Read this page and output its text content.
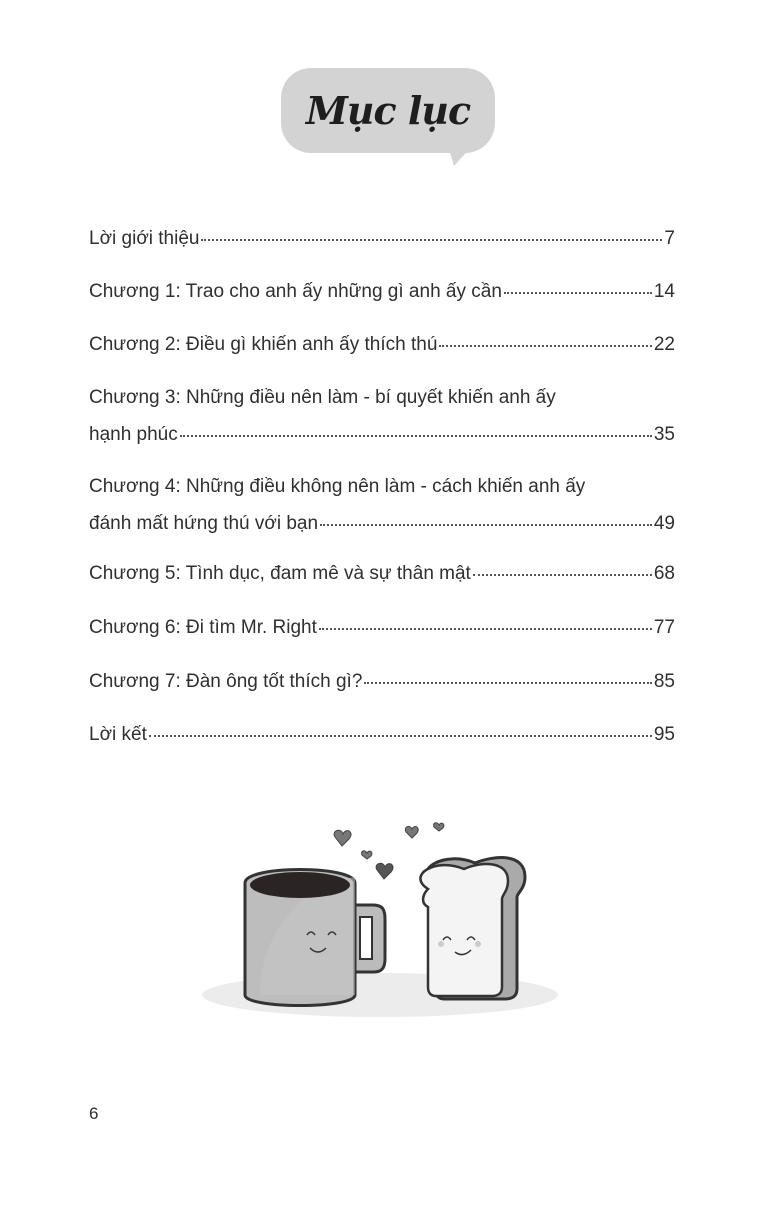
Mục lục
Lời giới thiệu	7
Chương 1: Trao cho anh ấy những gì anh ấy cần	14
Chương 2: Điều gì khiến anh ấy thích thú	22
Chương 3: Những điều nên làm - bí quyết khiến anh ấy
hạnh phúc	35
Chương 4: Những điều không nên làm - cách khiến anh ấy
đánh mất hứng thú với bạn	49
Chương 5: Tình dục, đam mê và sự thân mật	68
Chương 6: Đi tìm Mr. Right	77
Chương 7: Đàn ông tốt thích gì?	85
Lời kết	95
6
